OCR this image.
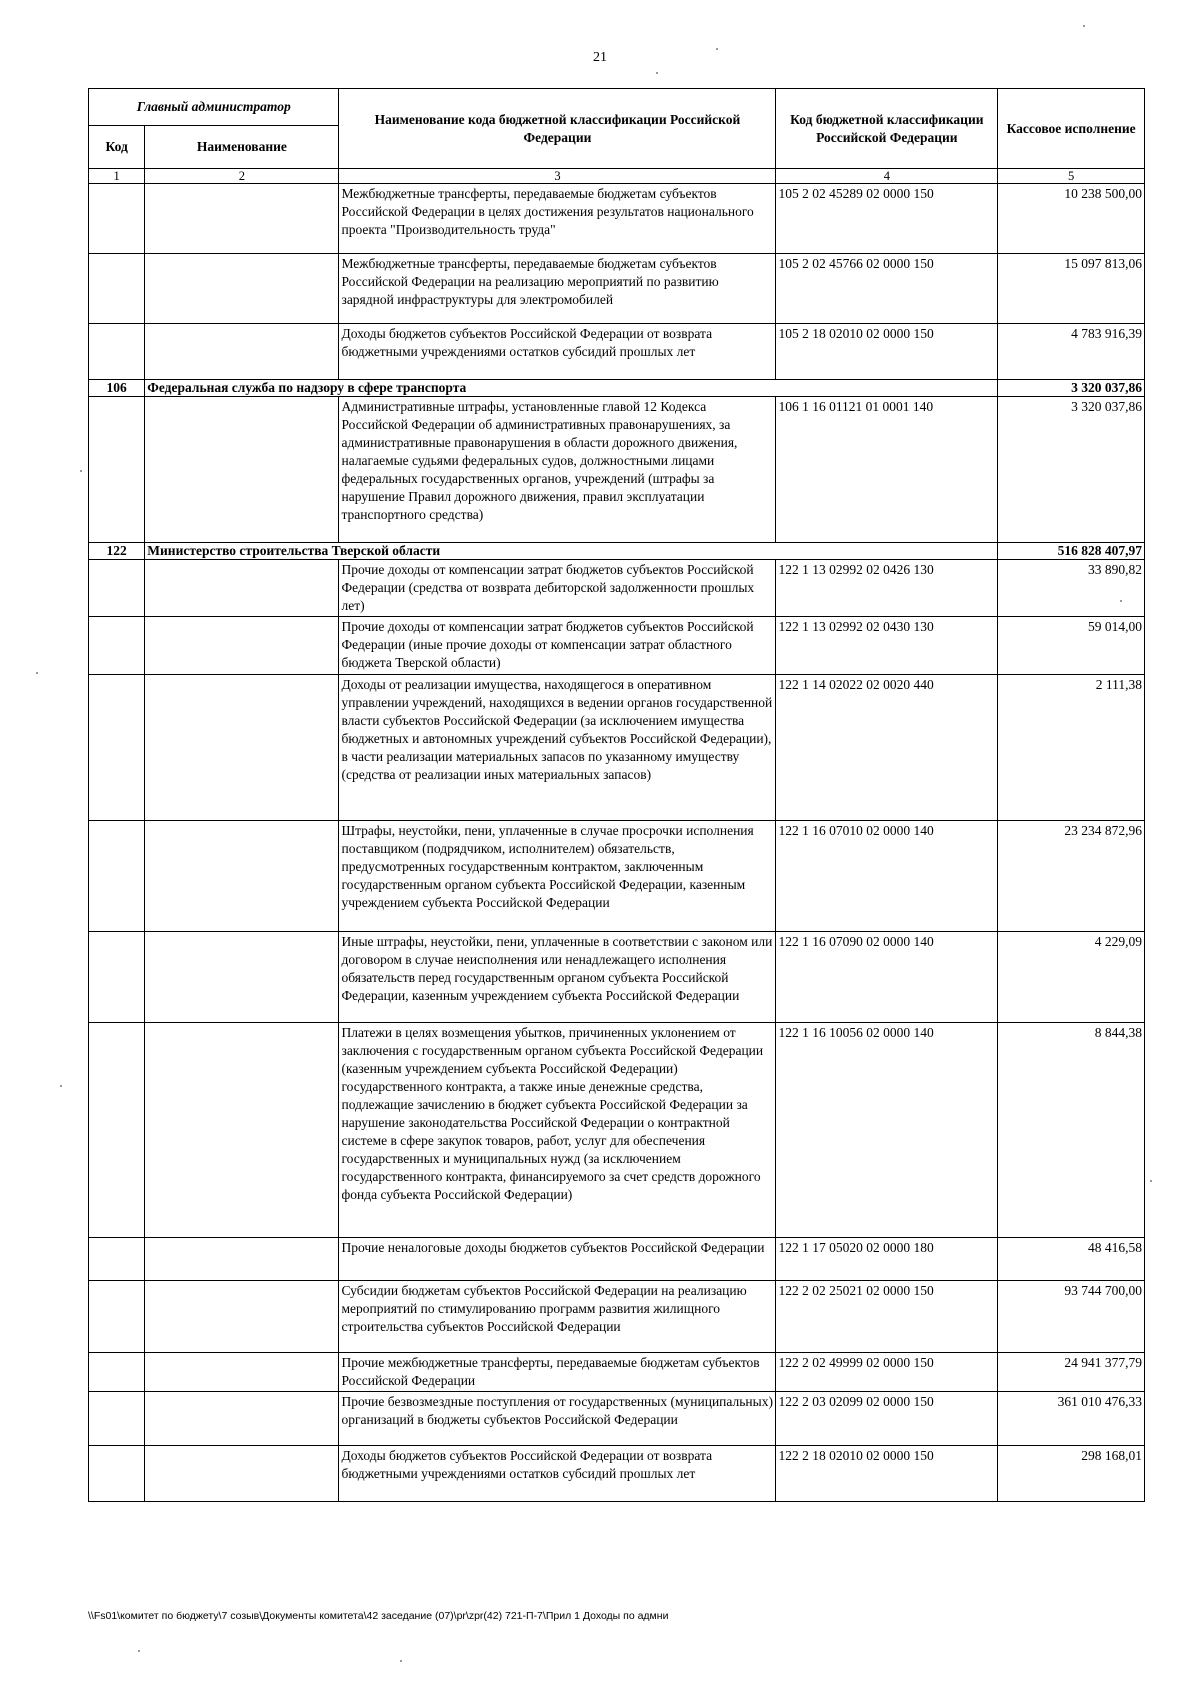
21
Главный администратор		Наименование кода бюджетной классификации Российской Федерации	Код бюджетной классификации Российской Федерации	Кассовое исполнение
Код	Наименование			
1	2	3	4	5
		Межбюджетные трансферты, передаваемые бюджетам субъектов Российской Федерации в целях достижения результатов национального проекта "Производительность труда"	105 2 02 45289 02 0000 150	10 238 500,00
		Межбюджетные трансферты, передаваемые бюджетам субъектов Российской Федерации на реализацию мероприятий по развитию зарядной инфраструктуры для электромобилей	105 2 02 45766 02 0000 150	15 097 813,06
		Доходы бюджетов субъектов Российской Федерации от возврата бюджетными учреждениями остатков субсидий прошлых лет	105 2 18 02010 02 0000 150	4 783 916,39
106	Федеральная служба по надзору в сфере транспорта			3 320 037,86
		Административные штрафы, установленные главой 12 Кодекса Российской Федерации об административных правонарушениях, за административные правонарушения в области дорожного движения, налагаемые судьями федеральных судов, должностными лицами федеральных государственных органов, учреждений (штрафы за нарушение Правил дорожного движения, правил эксплуатации транспортного средства)	106 1 16 01121 01 0001 140	3 320 037,86
122	Министерство строительства Тверской области			516 828 407,97
		Прочие доходы от компенсации затрат бюджетов субъектов Российской Федерации (средства от возврата дебиторской задолженности прошлых лет)	122 1 13 02992 02 0426 130	33 890,82
		Прочие доходы от компенсации затрат бюджетов субъектов Российской Федерации (иные прочие доходы от компенсации затрат областного бюджета Тверской области)	122 1 13 02992 02 0430 130	59 014,00
		Доходы от реализации имущества, находящегося в оперативном управлении учреждений, находящихся в ведении органов государственной власти субъектов Российской Федерации (за исключением имущества бюджетных и автономных учреждений субъектов Российской Федерации), в части реализации материальных запасов по указанному имуществу (средства от реализации иных материальных запасов)	122 1 14 02022 02 0020 440	2 111,38
		Штрафы, неустойки, пени, уплаченные в случае просрочки исполнения поставщиком (подрядчиком, исполнителем) обязательств, предусмотренных государственным контрактом, заключенным государственным органом субъекта Российской Федерации, казенным учреждением субъекта Российской Федерации	122 1 16 07010 02 0000 140	23 234 872,96
		Иные штрафы, неустойки, пени, уплаченные в соответствии с законом или договором в случае неисполнения или ненадлежащего исполнения обязательств перед государственным органом субъекта Российской Федерации, казенным учреждением субъекта Российской Федерации	122 1 16 07090 02 0000 140	4 229,09
		Платежи в целях возмещения убытков, причиненных уклонением от заключения с государственным органом субъекта Российской Федерации (казенным учреждением субъекта Российской Федерации) государственного контракта, а также иные денежные средства, подлежащие зачислению в бюджет субъекта Российской Федерации за нарушение законодательства Российской Федерации о контрактной системе в сфере закупок товаров, работ, услуг для обеспечения государственных и муниципальных нужд (за исключением государственного контракта, финансируемого за счет средств дорожного фонда субъекта Российской Федерации)	122 1 16 10056 02 0000 140	8 844,38
		Прочие неналоговые доходы бюджетов субъектов Российской Федерации	122 1 17 05020 02 0000 180	48 416,58
		Субсидии бюджетам субъектов Российской Федерации на реализацию мероприятий по стимулированию программ развития жилищного строительства субъектов Российской Федерации	122 2 02 25021 02 0000 150	93 744 700,00
		Прочие межбюджетные трансферты, передаваемые бюджетам субъектов Российской Федерации	122 2 02 49999 02 0000 150	24 941 377,79
		Прочие безвозмездные поступления от государственных (муниципальных) организаций в бюджеты субъектов Российской Федерации	122 2 03 02099 02 0000 150	361 010 476,33
		Доходы бюджетов субъектов Российской Федерации от возврата бюджетными учреждениями остатков субсидий прошлых лет	122 2 18 02010 02 0000 150	298 168,01
\\Fs01\комитет по бюджету\7 созыв\Документы комитета\42 заседание (07)\pr\zpr(42) 721-П-7\Прил 1 Доходы по адмни
